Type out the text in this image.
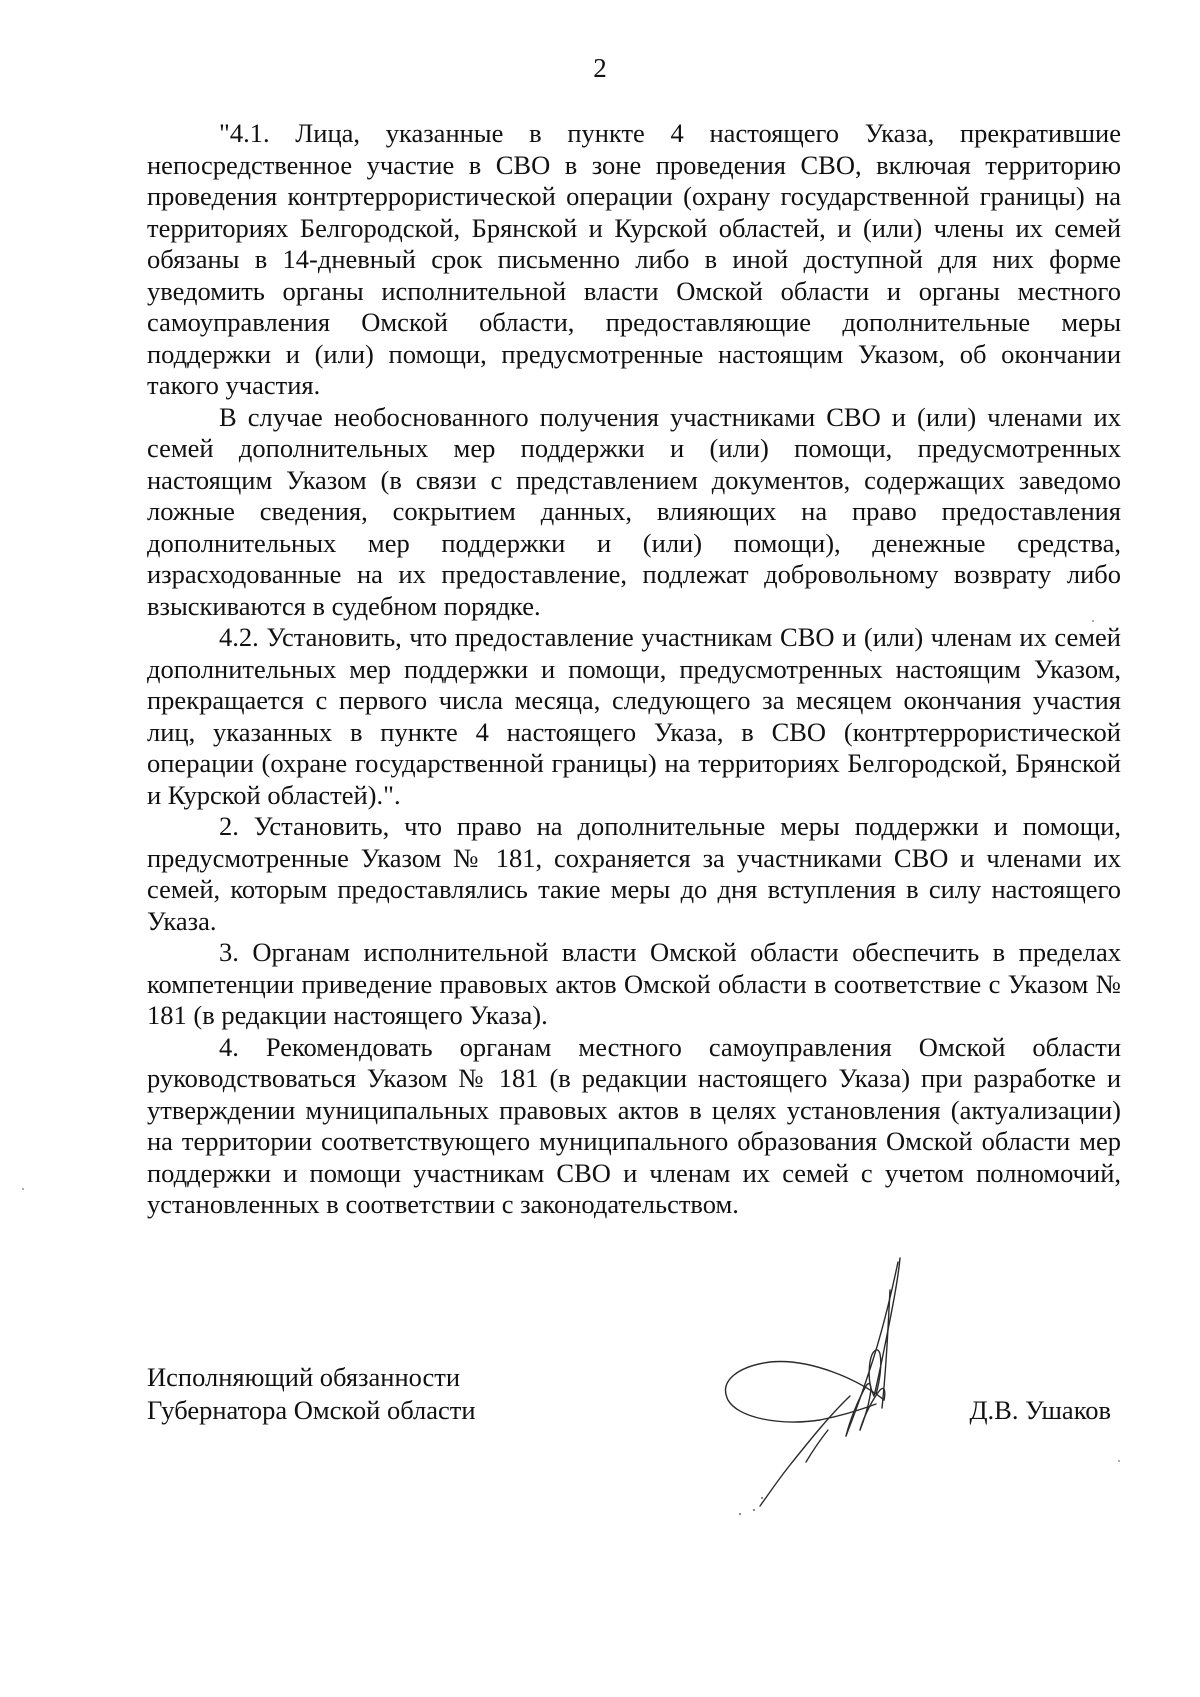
2

"4.1. Лица, указанные в пункте 4 настоящего Указа, прекратившие непосредственное участие в СВО в зоне проведения СВО, включая территорию проведения контртеррористической операции (охрану государственной границы) на территориях Белгородской, Брянской и Курской областей, и (или) члены их семей обязаны в 14-дневный срок письменно либо в иной доступной для них форме уведомить органы исполнительной власти Омской области и органы местного самоуправления Омской области, предоставляющие дополнительные меры поддержки и (или) помощи, предусмотренные настоящим Указом, об окончании такого участия.

В случае необоснованного получения участниками СВО и (или) членами их семей дополнительных мер поддержки и (или) помощи, предусмотренных настоящим Указом (в связи с представлением документов, содержащих заведомо ложные сведения, сокрытием данных, влияющих на право предоставления дополнительных мер поддержки и (или) помощи), денежные средства, израсходованные на их предоставление, подлежат добровольному возврату либо взыскиваются в судебном порядке.

4.2. Установить, что предоставление участникам СВО и (или) членам их семей дополнительных мер поддержки и помощи, предусмотренных настоящим Указом, прекращается с первого числа месяца, следующего за месяцем окончания участия лиц, указанных в пункте 4 настоящего Указа, в СВО (контртеррористической операции (охране государственной границы) на территориях Белгородской, Брянской и Курской областей).".

2. Установить, что право на дополнительные меры поддержки и помощи, предусмотренные Указом № 181, сохраняется за участниками СВО и членами их семей, которым предоставлялись такие меры до дня вступления в силу настоящего Указа.

3. Органам исполнительной власти Омской области обеспечить в пределах компетенции приведение правовых актов Омской области в соответствие с Указом № 181 (в редакции настоящего Указа).

4. Рекомендовать органам местного самоуправления Омской области руководствоваться Указом № 181 (в редакции настоящего Указа) при разработке и утверждении муниципальных правовых актов в целях установления (актуализации) на территории соответствующего муниципального образования Омской области мер поддержки и помощи участникам СВО и членам их семей с учетом полномочий, установленных в соответствии с законодательством.

Исполняющий обязанности
Губернатора Омской области	Д.В. Ушаков
